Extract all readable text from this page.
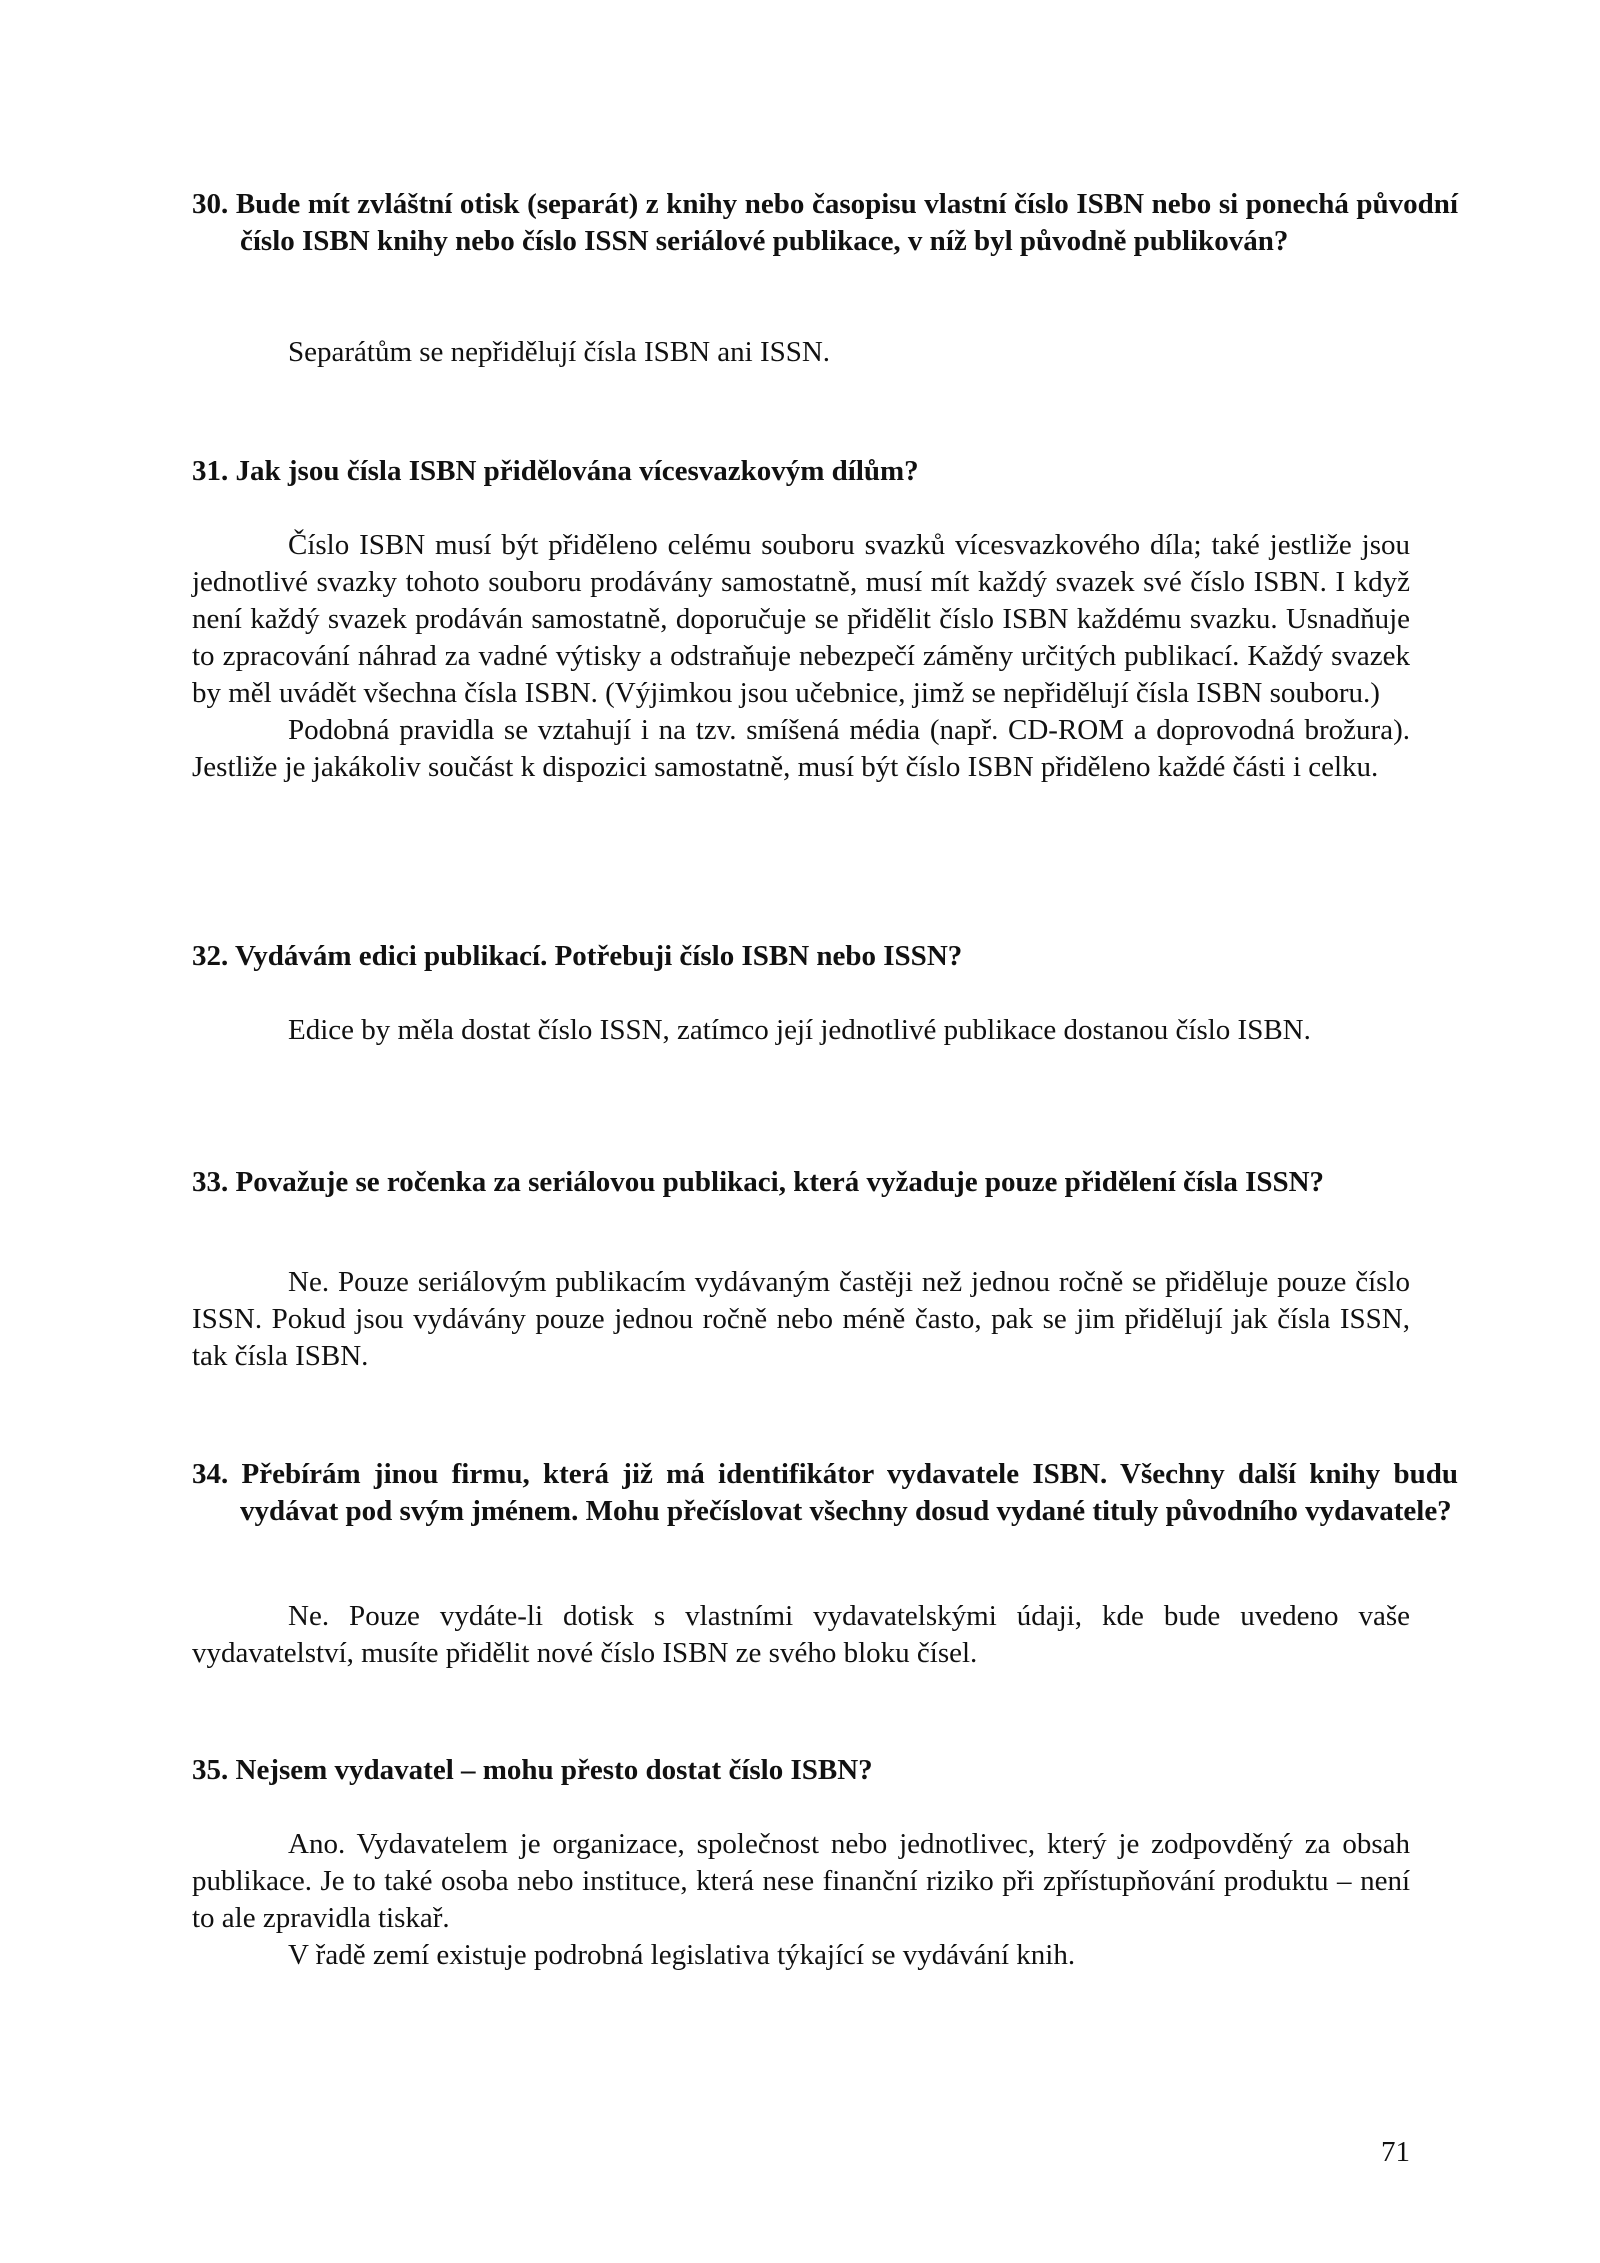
30. Bude mít zvláštní otisk (separát) z knihy nebo časopisu vlastní číslo ISBN nebo si ponechá původní číslo ISBN knihy nebo číslo ISSN seriálové publikace, v níž byl původně publikován?

Separátům se nepřidělují čísla ISBN ani ISSN.

31. Jak jsou čísla ISBN přidělována vícesvazkovým dílům?

Číslo ISBN musí být přiděleno celému souboru svazků vícesvazkového díla; také jestliže jsou jednotlivé svazky tohoto souboru prodávány samostatně, musí mít každý svazek své číslo ISBN. I když není každý svazek prodáván samostatně, doporučuje se přidělit číslo ISBN každému svazku. Usnadňuje to zpracování náhrad za vadné výtisky a odstraňuje nebezpečí záměny určitých publikací. Každý svazek by měl uvádět všechna čísla ISBN. (Výjimkou jsou učebnice, jimž se nepřidělují čísla ISBN souboru.)

Podobná pravidla se vztahují i na tzv. smíšená média (např. CD-ROM a doprovodná brožura). Jestliže je jakákoliv součást k dispozici samostatně, musí být číslo ISBN přiděleno každé části i celku.

32. Vydávám edici publikací. Potřebuji číslo ISBN nebo ISSN?

Edice by měla dostat číslo ISSN, zatímco její jednotlivé publikace dostanou číslo ISBN.

33. Považuje se ročenka za seriálovou publikaci, která vyžaduje pouze přidělení čísla ISSN?

Ne. Pouze seriálovým publikacím vydávaným častěji než jednou ročně se přiděluje pouze číslo ISSN. Pokud jsou vydávány pouze jednou ročně nebo méně často, pak se jim přidělují jak čísla ISSN, tak čísla ISBN.

34. Přebírám jinou firmu, která již má identifikátor vydavatele ISBN. Všechny další knihy budu vydávat pod svým jménem. Mohu přečíslovat všechny dosud vydané tituly původního vydavatele?

Ne. Pouze vydáte-li dotisk s vlastními vydavatelskými údaji, kde bude uvedeno vaše vydavatelství, musíte přidělit nové číslo ISBN ze svého bloku čísel.

35. Nejsem vydavatel – mohu přesto dostat číslo ISBN?

Ano. Vydavatelem je organizace, společnost nebo jednotlivec, který je zodpovděný za obsah publikace. Je to také osoba nebo instituce, která nese finanční riziko při zpřístupňování produktu – není to ale zpravidla tiskař.

V řadě zemí existuje podrobná legislativa týkající se vydávání knih.

71
